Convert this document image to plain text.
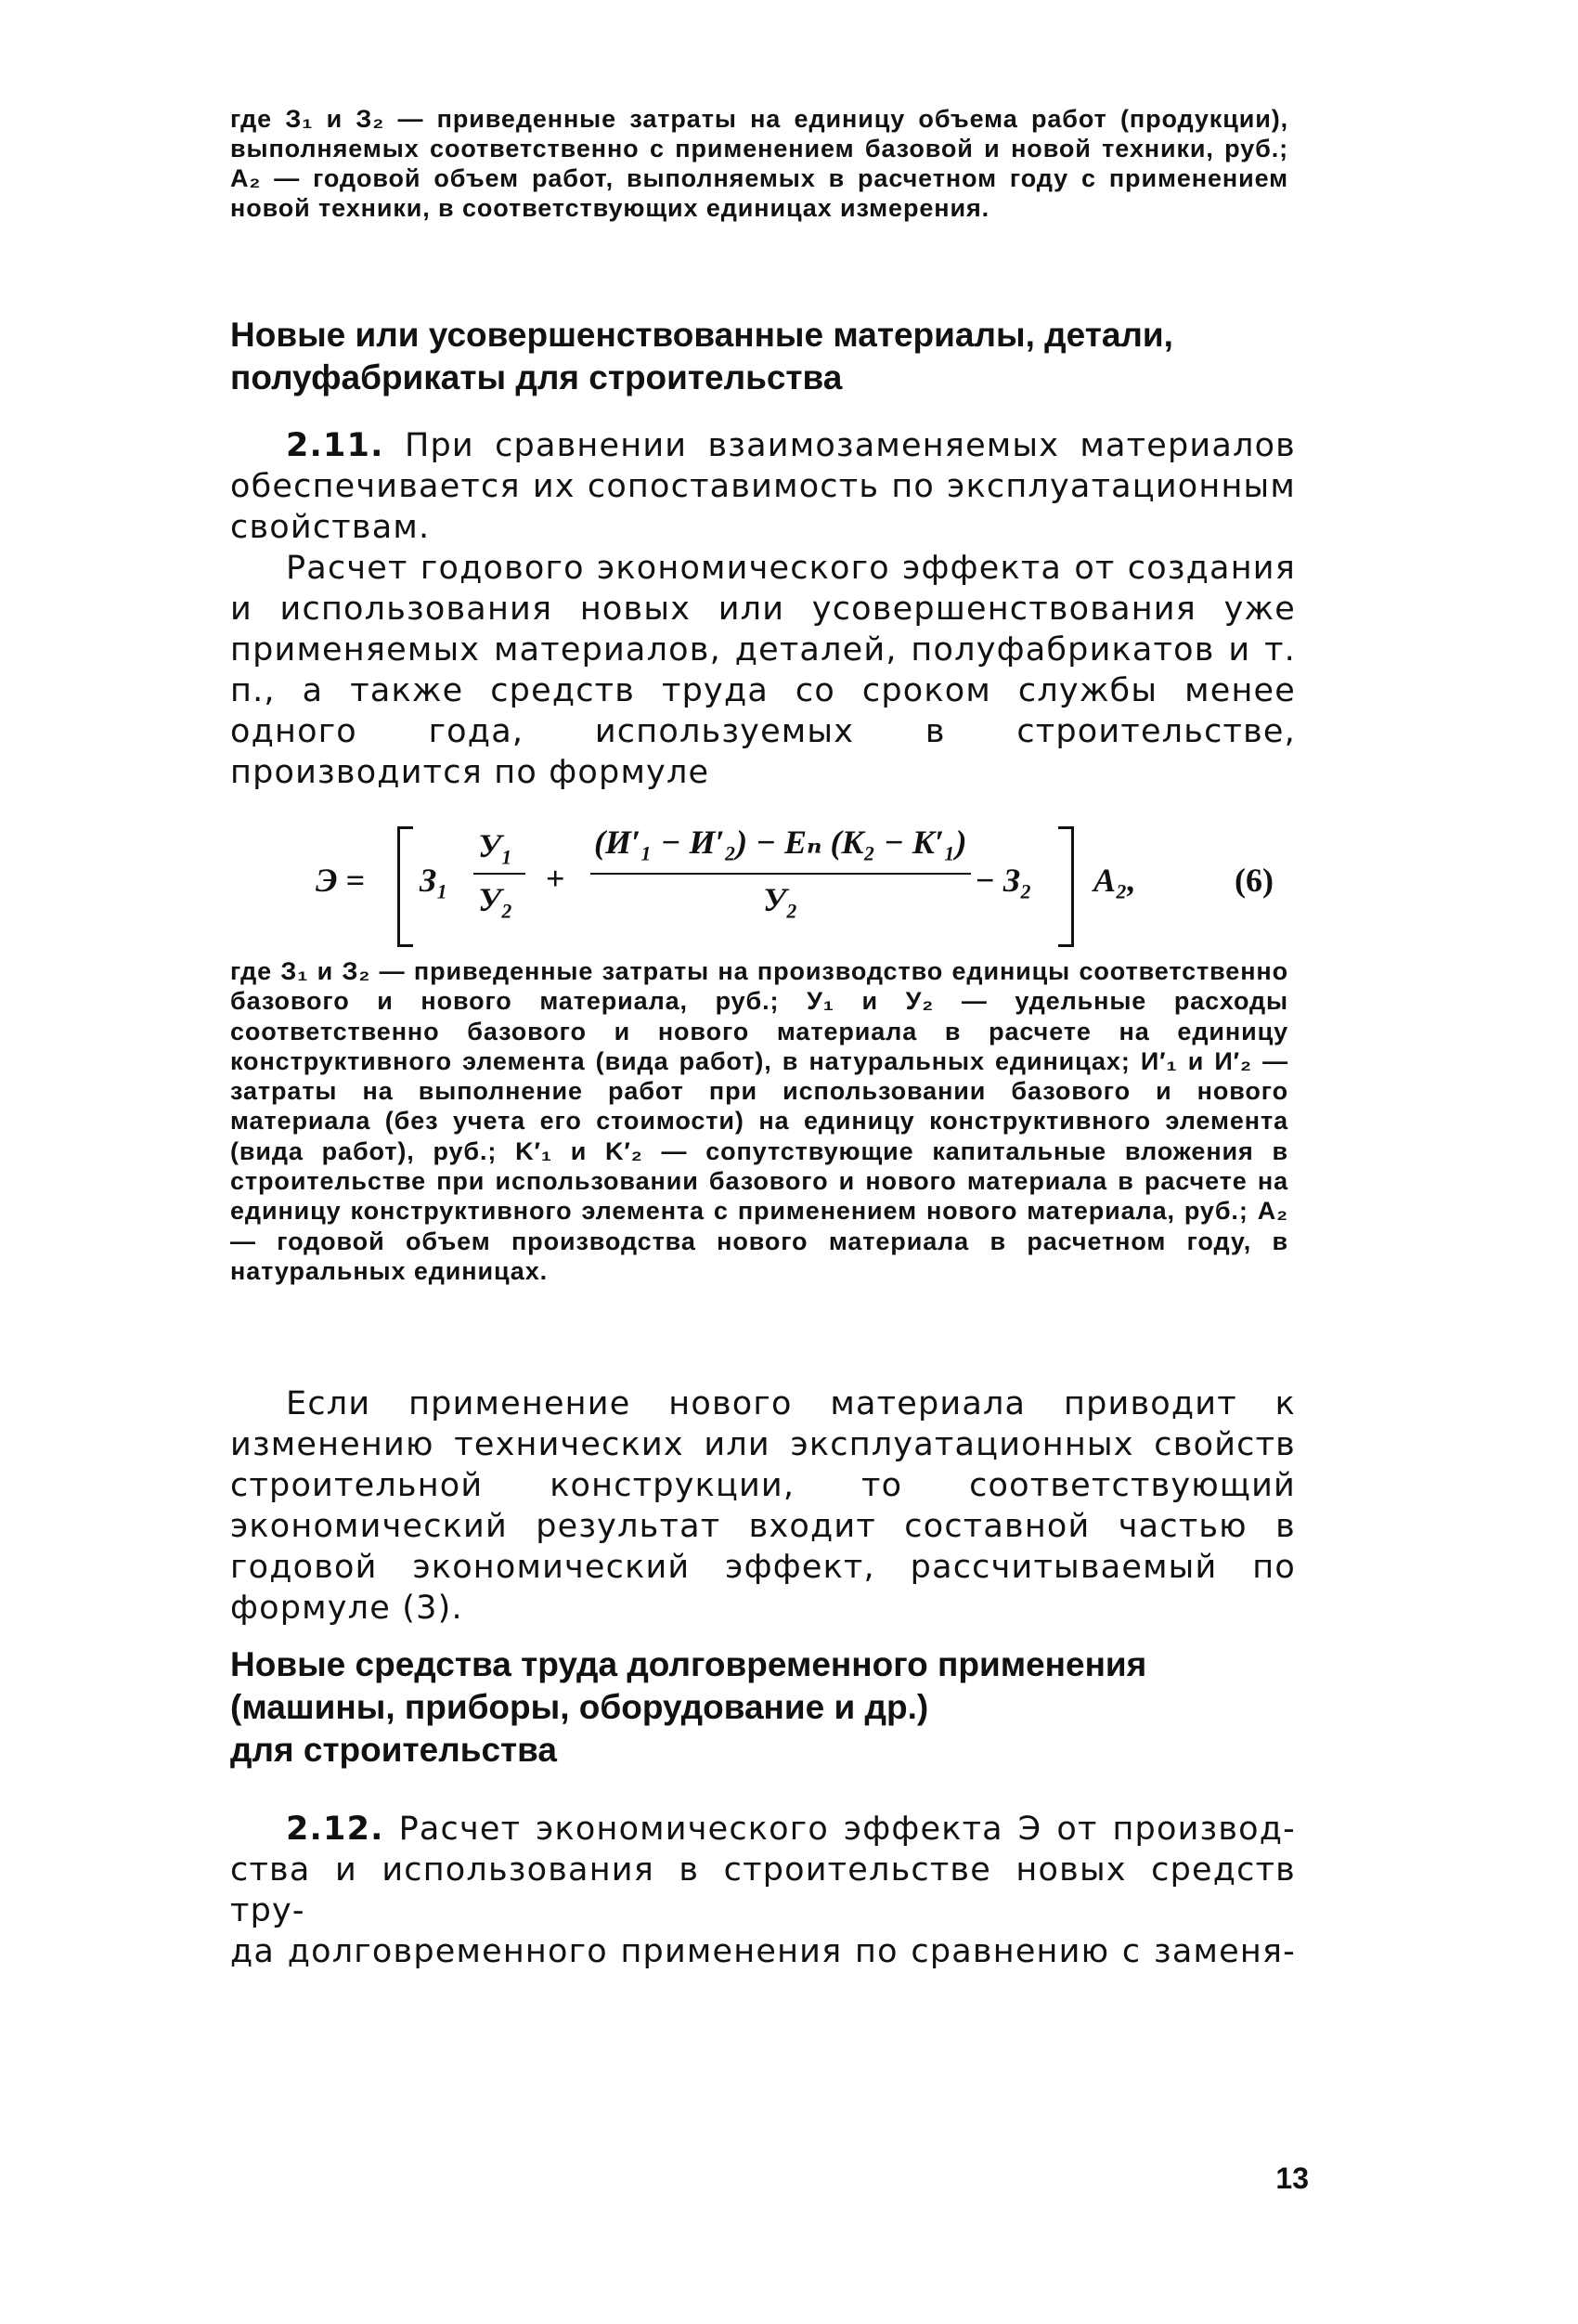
где З₁ и З₂ — приведенные затраты на единицу объема работ (продукции), выполняемых соответственно с применением базовой и новой техники, руб.; А₂ — годовой объем работ, выполняемых в расчетном году с применением новой техники, в соответствующих единицах измерения.

Новые или усовершенствованные материалы, детали,
полуфабрикаты для строительства

2.11. При сравнении взаимозаменяемых материалов обеспечивается их сопоставимость по эксплуатационным свойствам.

Расчет годового экономического эффекта от создания и использования новых или усовершенствования уже применяемых материалов, деталей, полуфабрикатов и т. п., а также средств труда со сроком службы менее одного года, используемых в строительстве, производится по формуле

Э = З₁
У₁
У₂
+
(И′₁ − И′₂) − Eₙ (K₂ − K′₁)
У₂
− З₂ А₂,	(6)

где З₁ и З₂ — приведенные затраты на производство единицы соответственно базового и нового материала, руб.; У₁ и У₂ — удельные расходы соответственно базового и нового материала в расчете на единицу конструктивного элемента (вида работ), в натуральных единицах; И′₁ и И′₂ — затраты на выполнение работ при использовании базового и нового материала (без учета его стоимости) на единицу конструктивного элемента (вида работ), руб.; K′₁ и K′₂ — сопутствующие капитальные вложения в строительстве при использовании базового и нового материала в расчете на единицу конструктивного элемента с применением нового материала, руб.; А₂ — годовой объем производства нового материала в расчетном году, в натуральных единицах.

Если применение нового материала приводит к изменению технических или эксплуатационных свойств строительной конструкции, то соответствующий экономический результат входит составной частью в годовой экономический эффект, рассчитываемый по формуле (3).

Новые средства труда долговременного применения
(машины, приборы, оборудование и др.)
для строительства
2.12. Расчет экономического эффекта Э от производ-
ства и использования в строительстве новых средств тру-
да долговременного применения по сравнению с заменя-
13
